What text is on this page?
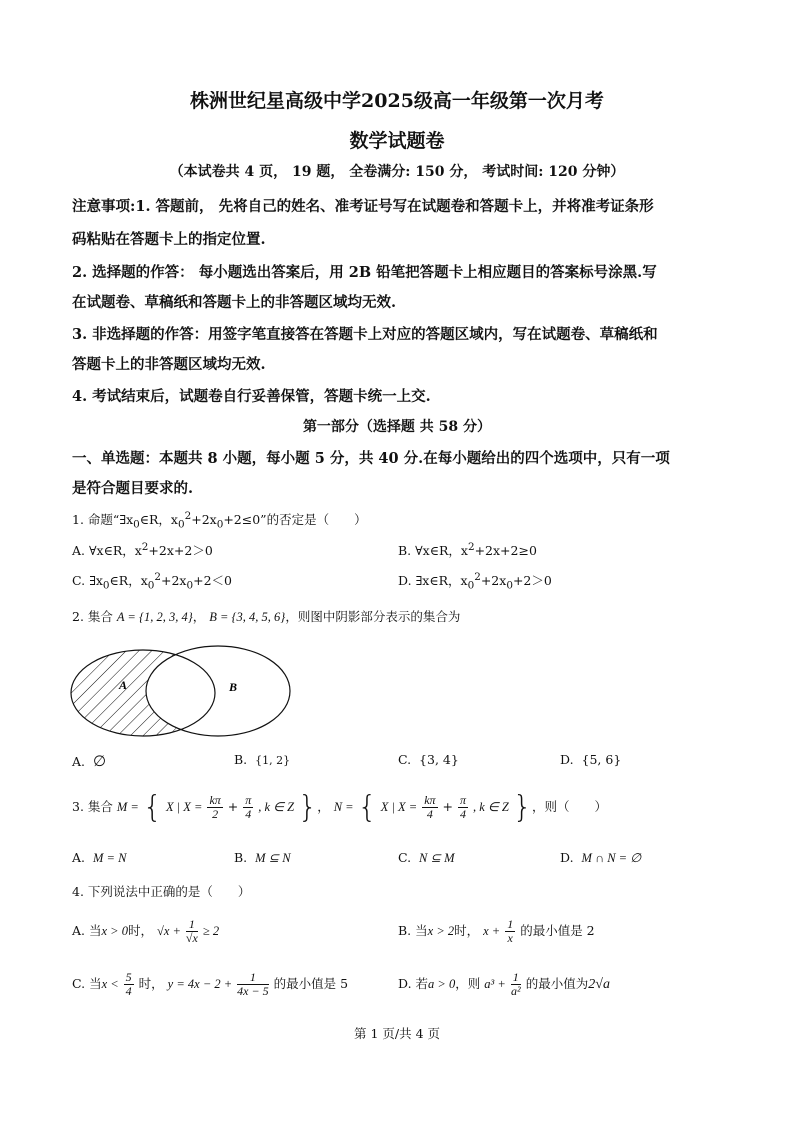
株洲世纪星高级中学2025级高一年级第一次月考
数学试题卷
（本试卷共 4 页， 19 题， 全卷满分: 150 分， 考试时间: 120 分钟）
注意事项:1. 答题前， 先将自己的姓名、准考证号写在试题卷和答题卡上，并将准考证条形
码粘贴在答题卡上的指定位置.
2. 选择题的作答： 每小题选出答案后，用 2B 铅笔把答题卡上相应题目的答案标号涂黑.写
在试题卷、草稿纸和答题卡上的非答题区域均无效.
3. 非选择题的作答：用签字笔直接答在答题卡上对应的答题区域内，写在试题卷、草稿纸和
答题卡上的非答题区域均无效.
4. 考试结束后，试题卷自行妥善保管，答题卡统一上交.
第一部分（选择题 共 58 分）
一、单选题：本题共 8 小题，每小题 5 分，共 40 分.在每小题给出的四个选项中，只有一项
是符合题目要求的.
1. 命题“$\exists x_0\in R$，$x_0^2+2x_0+2\le 0$”的否定是（　　）
A. ∀x∈R，$x^2+2x+2>0$	B. ∀x∈R，$x^2+2x+2\ge 0$
C. $\exists x_0\in R$，$x_0^2+2x_0+2<0$	D. ∃x∈R，$x_0^2+2x_0+2>0$
2. 集合 A = {1, 2, 3, 4}， B = {3, 4, 5, 6}，则图中阴影部分表示的集合为
A	B
A. ∅	B. {1, 2}	C. {3, 4}	D. {5, 6}
3. 集合 M = { X | $X = \frac{k\pi}{2} + \frac{\pi}{4}$ , k ∈ Z }， N = { X | $X = \frac{k\pi}{4} + \frac{\pi}{4}$ , k ∈ Z }，则（　　）
A. M = N	B. M ⊆ N	C. N ⊆ M	D. M ∩ N = ∅
4. 下列说法中正确的是（　　）
A. 当x > 0时， $√x + \frac{1}{√x} \ge 2$	B. 当x > 2时， $x + \frac{1}{x}$ 的最小值是 2
C. 当$x < \frac{5}{4}$ 时， $y = 4x - 2 + \frac{1}{4x - 5}$ 的最小值是 5	D. 若a > 0，则 $a^3 + \frac{1}{\text{a²}}$ 的最小值为2√a
第 1 页/共 4 页
